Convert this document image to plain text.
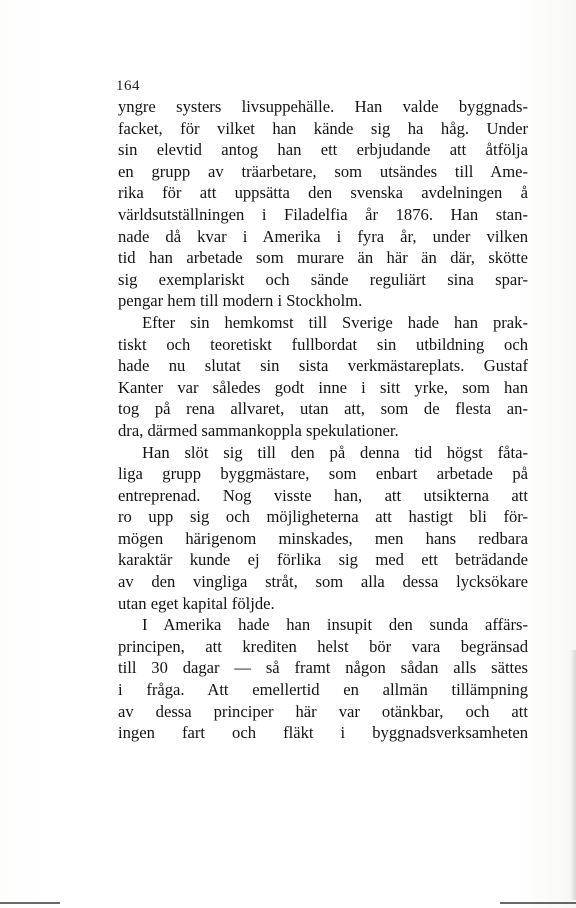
164
yngre systers livsuppehälle. Han valde byggnads-
facket, för vilket han kände sig ha håg. Under
sin elevtid antog han ett erbjudande att åtfölja
en grupp av träarbetare, som utsändes till Ame-
rika för att uppsätta den svenska avdelningen å
världsutställningen i Filadelfia år 1876. Han stan-
nade då kvar i Amerika i fyra år, under vilken
tid han arbetade som murare än här än där, skötte
sig exemplariskt och sände reguliärt sina spar-
pengar hem till modern i Stockholm.
Efter sin hemkomst till Sverige hade han prak-
tiskt och teoretiskt fullbordat sin utbildning och
hade nu slutat sin sista verkmästareplats. Gustaf
Kanter var således godt inne i sitt yrke, som han
tog på rena allvaret, utan att, som de flesta an-
dra, därmed sammankoppla spekulationer.
Han slöt sig till den på denna tid högst fåta-
liga grupp byggmästare, som enbart arbetade på
entreprenad. Nog visste han, att utsikterna att
ro upp sig och möjligheterna att hastigt bli för-
mögen härigenom minskades, men hans redbara
karaktär kunde ej förlika sig med ett beträdande
av den vingliga stråt, som alla dessa lycksökare
utan eget kapital följde.
I Amerika hade han insupit den sunda affärs-
principen, att krediten helst bör vara begränsad
till 30 dagar — så framt någon sådan alls sättes
i fråga. Att emellertid en allmän tillämpning
av dessa principer här var otänkbar, och att
ingen fart och fläkt i byggnadsverksamheten
